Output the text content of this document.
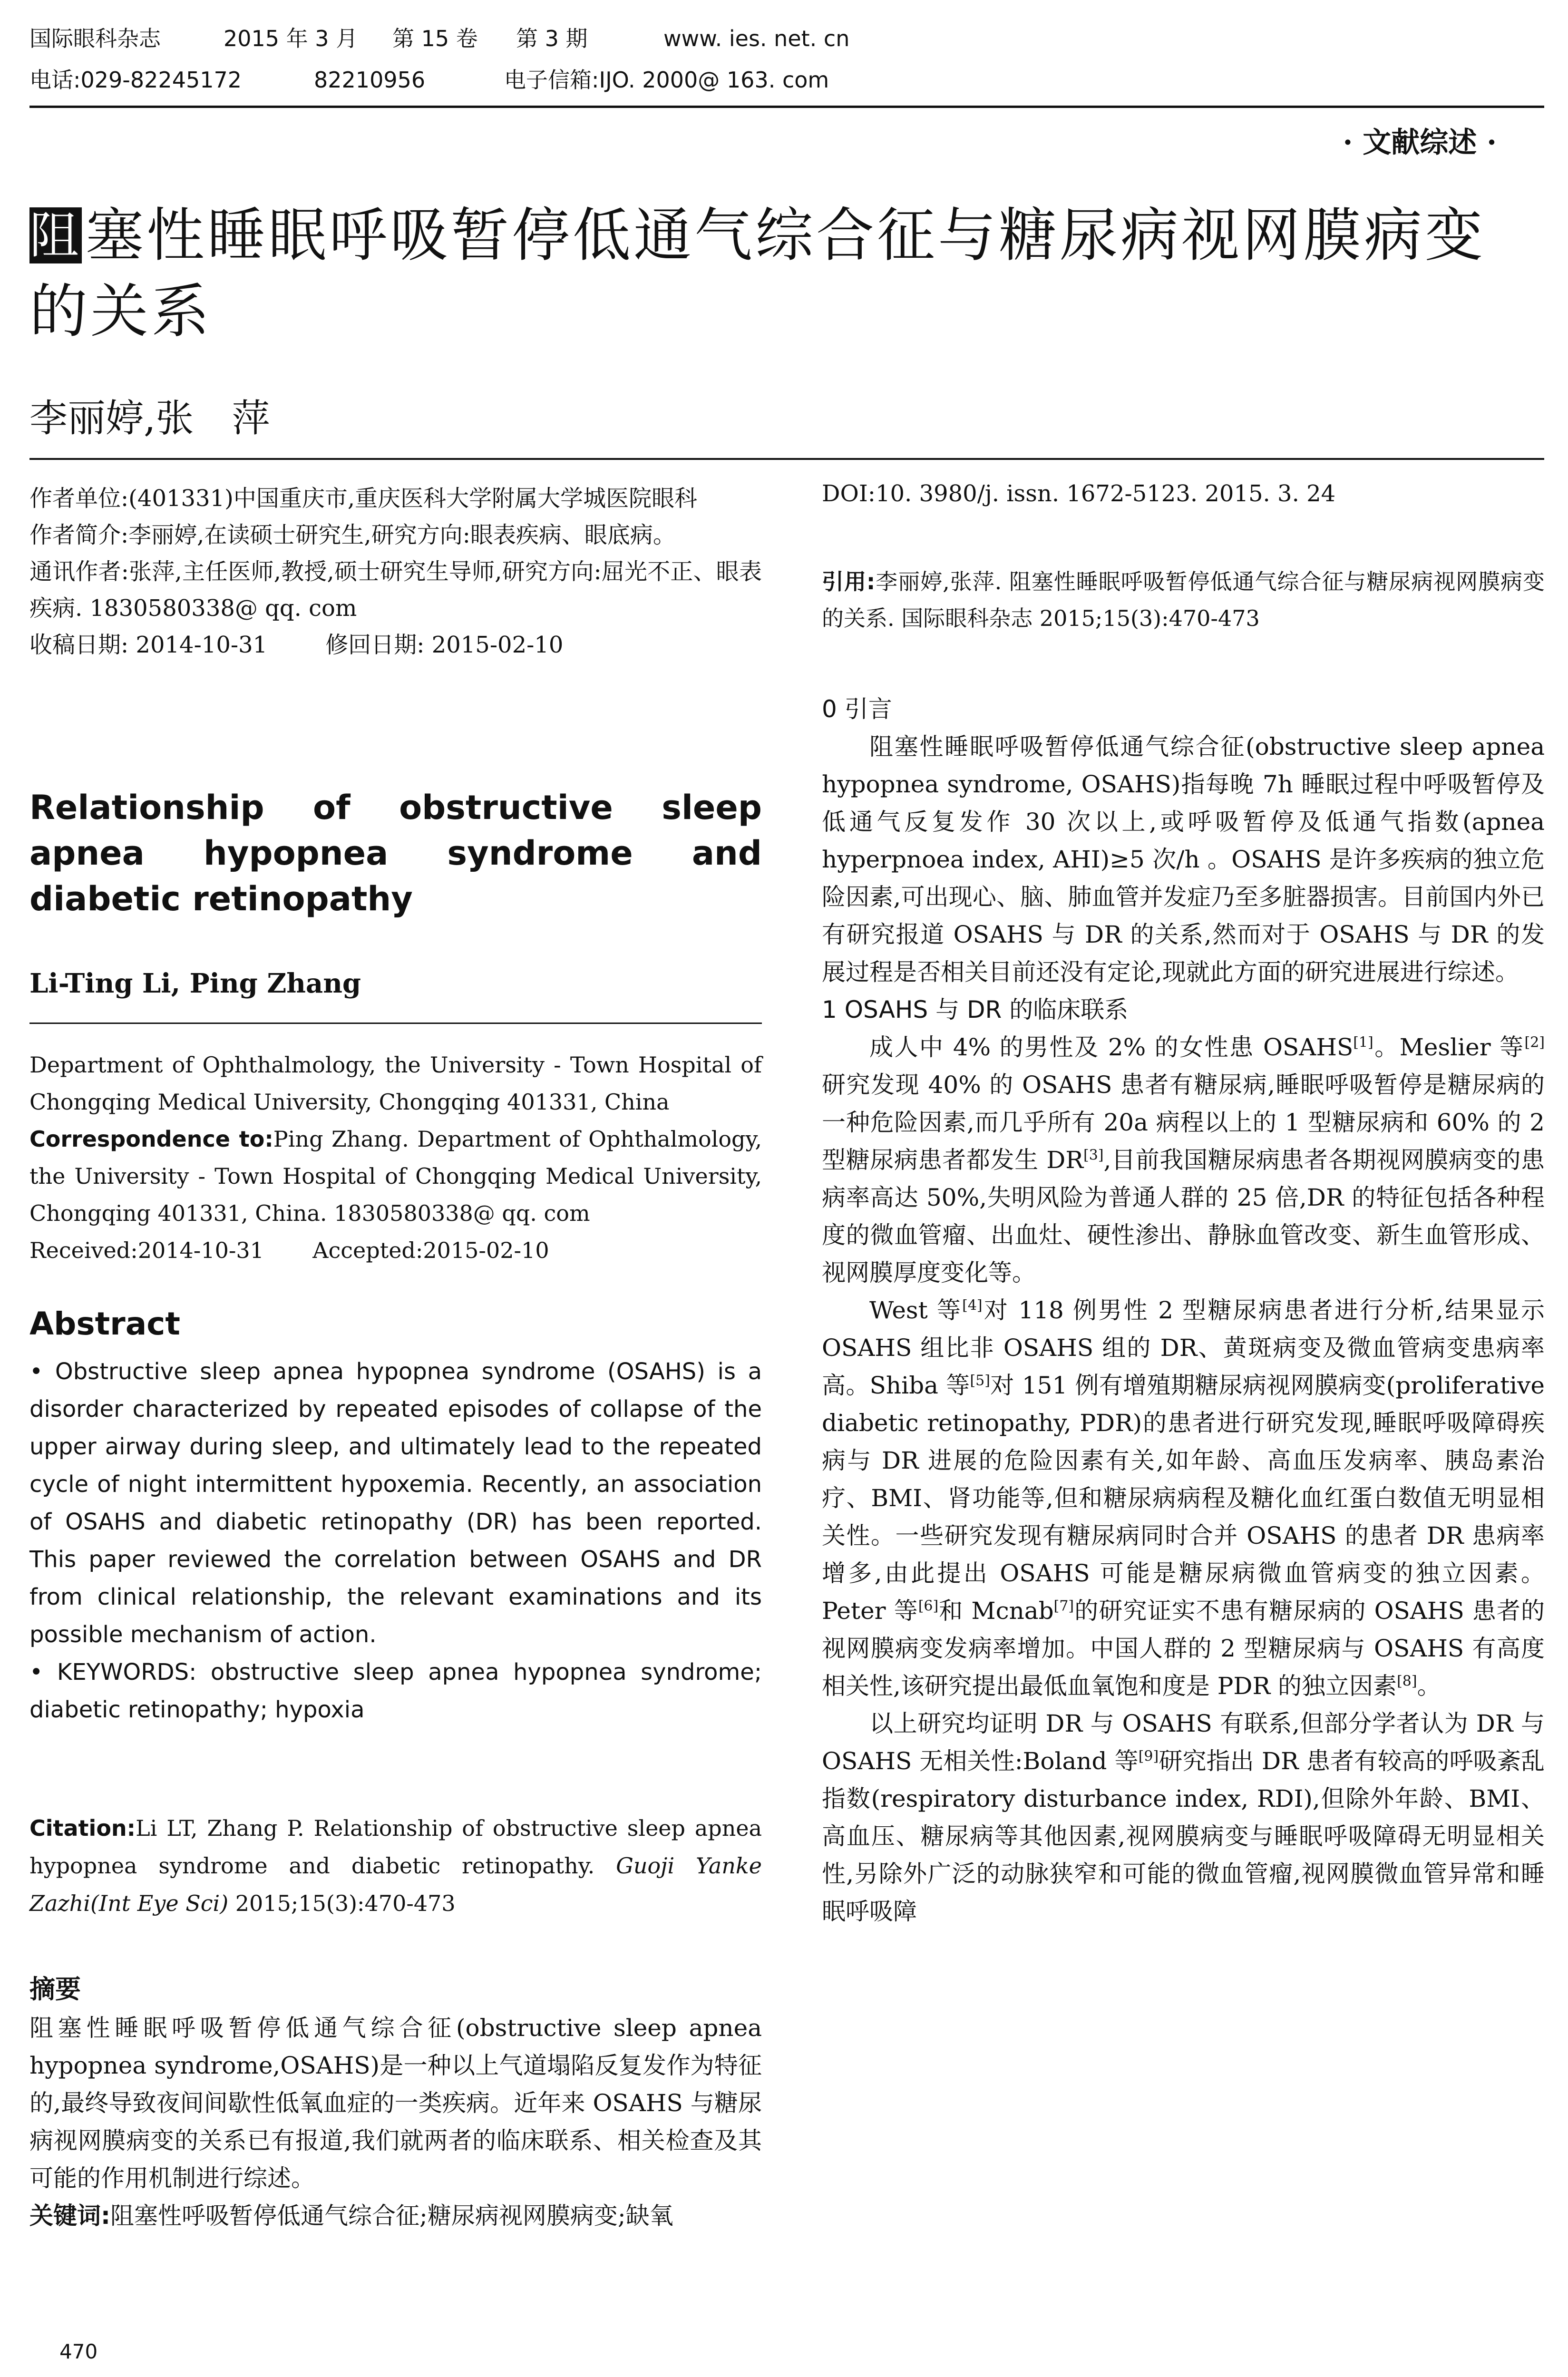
国际眼科杂志	2015 年 3 月 第 15 卷 第 3 期	www. ies. net. cn
电话:029-82245172	82210956	电子信箱:IJO. 2000@ 163. com
· 文献综述 ·
阻塞性睡眠呼吸暂停低通气综合征与糖尿病视网膜病变
的关系
李丽婷,张　萍

作者单位:(401331)中国重庆市,重庆医科大学附属大学城医院眼科

作者简介:李丽婷,在读硕士研究生,研究方向:眼表疾病、眼底病。

通讯作者:张萍,主任医师,教授,硕士研究生导师,研究方向:屈光不正、眼表疾病. 1830580338@ qq. com

收稿日期: 2014-10-31	修回日期: 2015-02-10

Relationship of obstructive sleep apnea hypopnea syndrome and diabetic retinopathy
Li-Ting Li, Ping Zhang

Department of Ophthalmology, the University - Town Hospital of Chongqing Medical University, Chongqing 401331, China

Correspondence to:Ping Zhang. Department of Ophthalmology, the University - Town Hospital of Chongqing Medical University, Chongqing 401331, China. 1830580338@ qq. com

Received:2014-10-31 Accepted:2015-02-10

Abstract

• Obstructive sleep apnea hypopnea syndrome (OSAHS) is a disorder characterized by repeated episodes of collapse of the upper airway during sleep, and ultimately lead to the repeated cycle of night intermittent hypoxemia. Recently, an association of OSAHS and diabetic retinopathy (DR) has been reported. This paper reviewed the correlation between OSAHS and DR from clinical relationship, the relevant examinations and its possible mechanism of action.

• KEYWORDS: obstructive sleep apnea hypopnea syndrome; diabetic retinopathy; hypoxia

Citation:Li LT, Zhang P. Relationship of obstructive sleep apnea hypopnea syndrome and diabetic retinopathy. Guoji Yanke Zazhi(Int Eye Sci) 2015;15(3):470-473

摘要

阻塞性睡眠呼吸暂停低通气综合征(obstructive sleep apnea hypopnea syndrome,OSAHS)是一种以上气道塌陷反复发作为特征的,最终导致夜间间歇性低氧血症的一类疾病。近年来 OSAHS 与糖尿病视网膜病变的关系已有报道,我们就两者的临床联系、相关检查及其可能的作用机制进行综述。

关键词:阻塞性呼吸暂停低通气综合征;糖尿病视网膜病变;缺氧

DOI:10. 3980/j. issn. 1672-5123. 2015. 3. 24

引用:李丽婷,张萍. 阻塞性睡眠呼吸暂停低通气综合征与糖尿病视网膜病变的关系. 国际眼科杂志 2015;15(3):470-473

0 引言

阻塞性睡眠呼吸暂停低通气综合征(obstructive sleep apnea hypopnea syndrome, OSAHS)指每晚 7h 睡眠过程中呼吸暂停及低通气反复发作 30 次以上,或呼吸暂停及低通气指数(apnea hyperpnoea index, AHI)≥5 次/h 。OSAHS 是许多疾病的独立危险因素,可出现心、脑、肺血管并发症乃至多脏器损害。目前国内外已有研究报道 OSAHS 与 DR 的关系,然而对于 OSAHS 与 DR 的发展过程是否相关目前还没有定论,现就此方面的研究进展进行综述。

1 OSAHS 与 DR 的临床联系

成人中 4% 的男性及 2% 的女性患 OSAHS[1]。Meslier 等[2]研究发现 40% 的 OSAHS 患者有糖尿病,睡眠呼吸暂停是糖尿病的一种危险因素,而几乎所有 20a 病程以上的 1 型糖尿病和 60% 的 2 型糖尿病患者都发生 DR[3],目前我国糖尿病患者各期视网膜病变的患病率高达 50%,失明风险为普通人群的 25 倍,DR 的特征包括各种程度的微血管瘤、出血灶、硬性渗出、静脉血管改变、新生血管形成、视网膜厚度变化等。

West 等[4]对 118 例男性 2 型糖尿病患者进行分析,结果显示 OSAHS 组比非 OSAHS 组的 DR、黄斑病变及微血管病变患病率高。Shiba 等[5]对 151 例有增殖期糖尿病视网膜病变(proliferative diabetic retinopathy, PDR)的患者进行研究发现,睡眠呼吸障碍疾病与 DR 进展的危险因素有关,如年龄、高血压发病率、胰岛素治疗、BMI、肾功能等,但和糖尿病病程及糖化血红蛋白数值无明显相关性。一些研究发现有糖尿病同时合并 OSAHS 的患者 DR 患病率增多,由此提出 OSAHS 可能是糖尿病微血管病变的独立因素。Peter 等[6]和 Mcnab[7]的研究证实不患有糖尿病的 OSAHS 患者的视网膜病变发病率增加。中国人群的 2 型糖尿病与 OSAHS 有高度相关性,该研究提出最低血氧饱和度是 PDR 的独立因素[8]。

以上研究均证明 DR 与 OSAHS 有联系,但部分学者认为 DR 与 OSAHS 无相关性:Boland 等[9]研究指出 DR 患者有较高的呼吸紊乱指数(respiratory disturbance index, RDI),但除外年龄、BMI、高血压、糖尿病等其他因素,视网膜病变与睡眠呼吸障碍无明显相关性,另除外广泛的动脉狭窄和可能的微血管瘤,视网膜微血管异常和睡眠呼吸障

470
